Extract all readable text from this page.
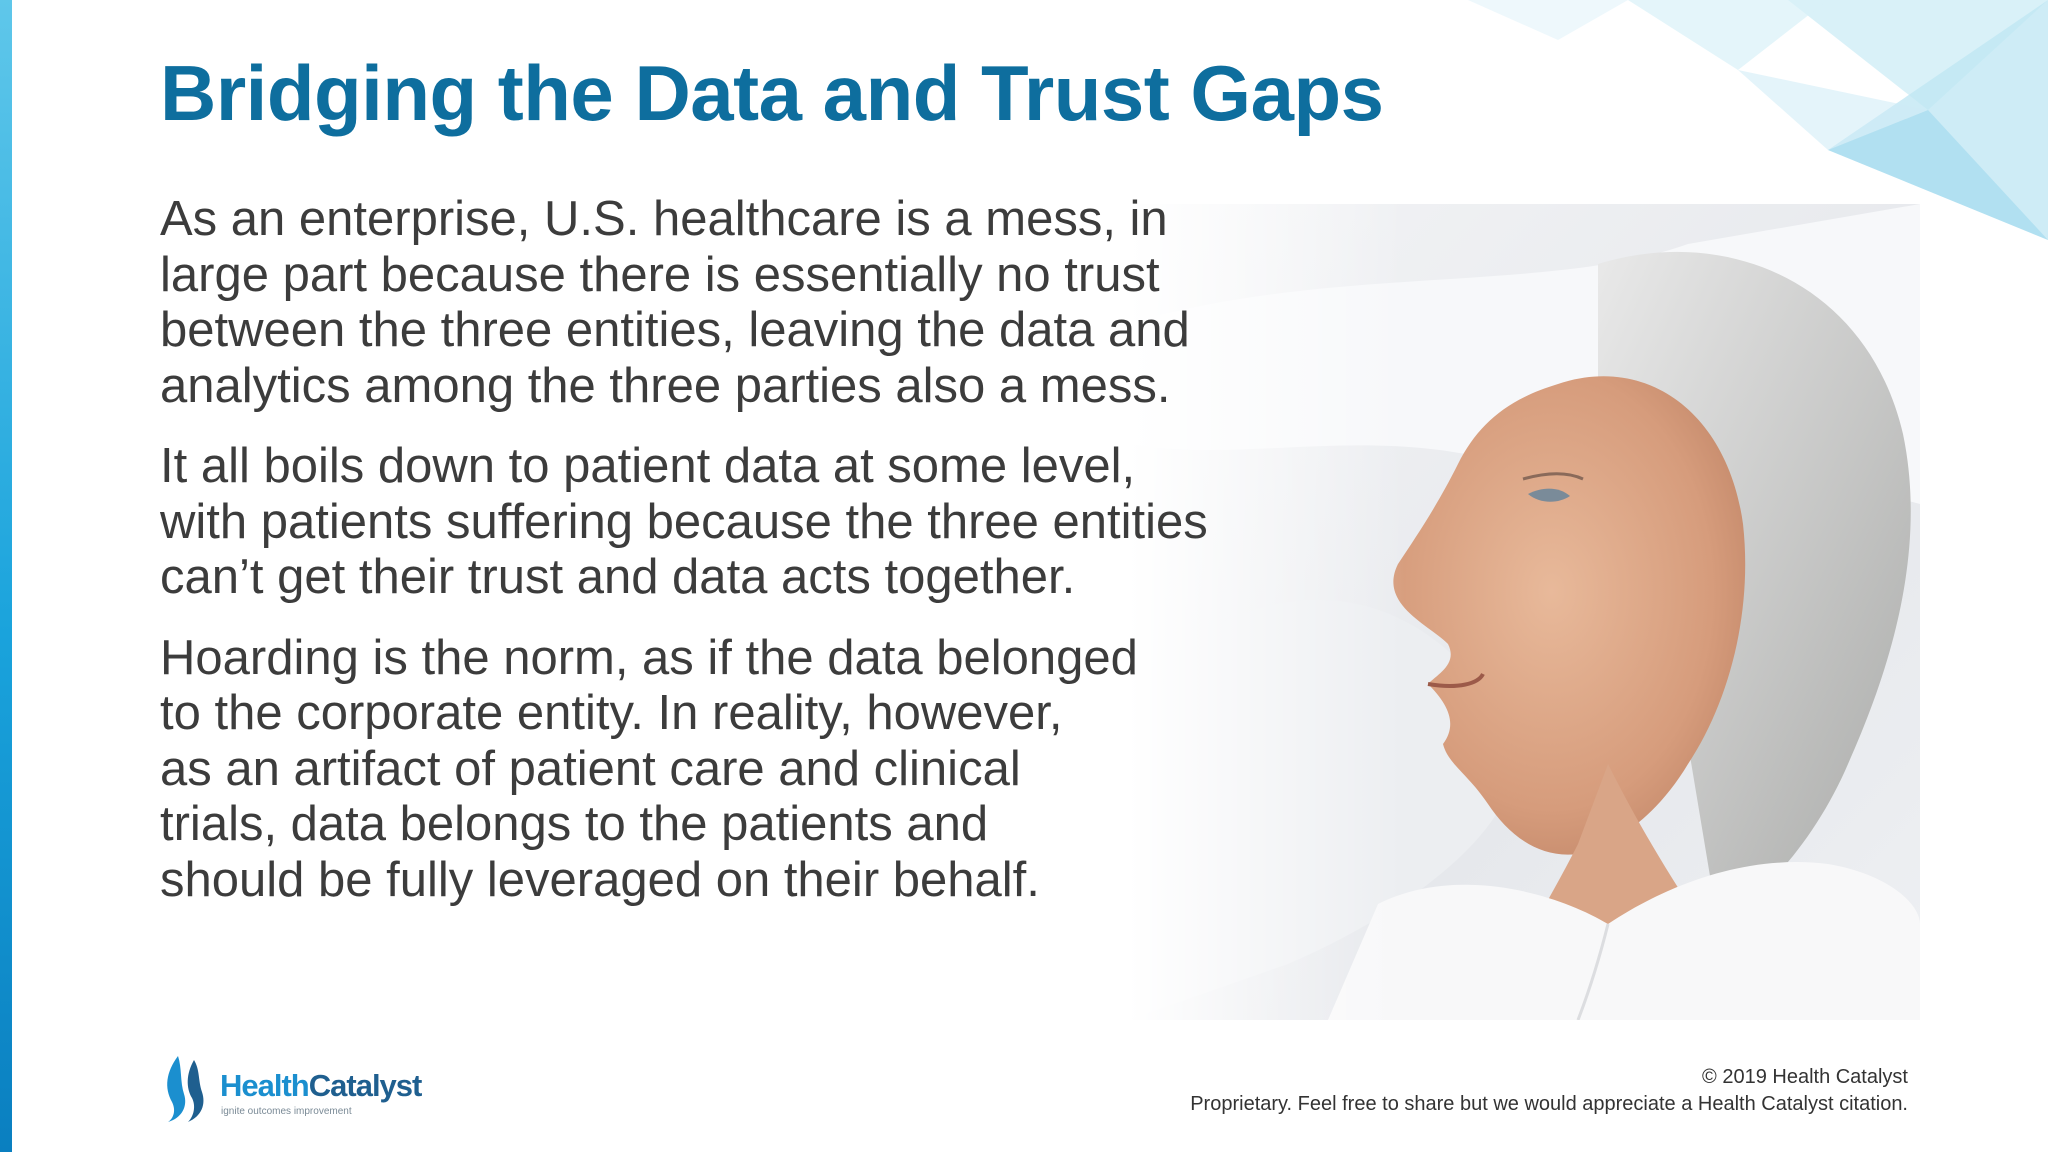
Bridging the Data and Trust Gaps

As an enterprise, U.S. healthcare is a mess, in
large part because there is essentially no trust
between the three entities, leaving the data and
analytics among the three parties also a mess.

It all boils down to patient data at some level,
with patients suffering because the three entities
can’t get their trust and data acts together.

Hoarding is the norm, as if the data belonged
to the corporate entity. In reality, however,
as an artifact of patient care and clinical
trials, data belongs to the patients and
should be fully leveraged on their behalf.

HealthCatalyst
ignite outcomes improvement
© 2019 Health Catalyst
Proprietary. Feel free to share but we would appreciate a Health Catalyst citation.
